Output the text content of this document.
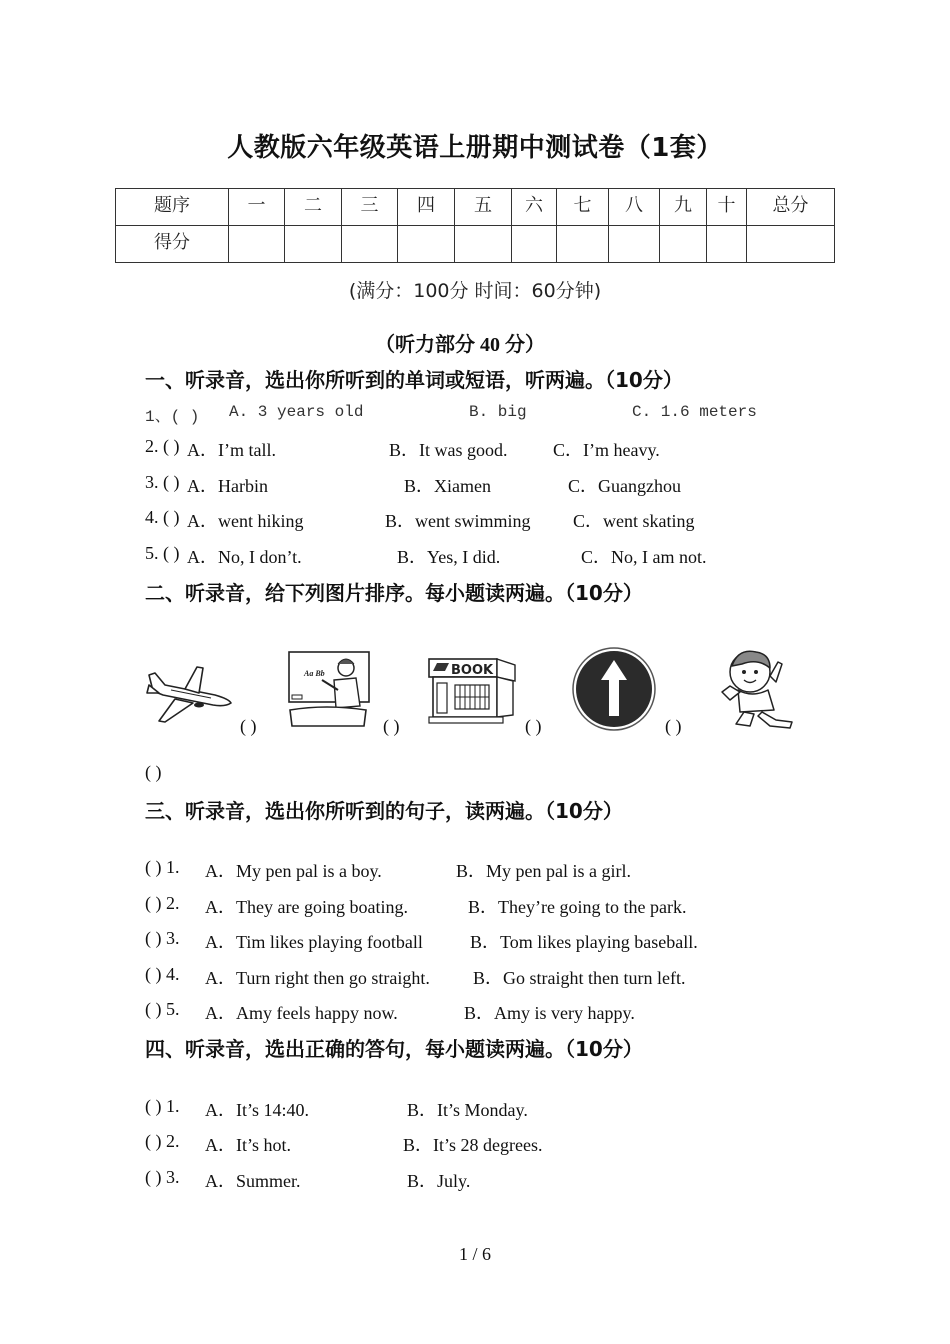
人教版六年级英语上册期中测试卷（1套）
题序	一	二	三	四	五	六	七	八	九	十	总分

得分											

(满分：100分 时间：60分钟)
（听力部分 40 分）
一、听录音，选出你所听到的单词或短语，听两遍。（10分）
1、( ) A. 3 years old	B. big	C. 1.6 meters
2. ( ) A．I’m tall.	B．It was good.	C．I’m heavy.
3. ( ) A．Harbin	B．Xiamen	C．Guangzhou
4. ( ) A．went hiking	B．went swimming C．went skating
5. ( ) A．No, I don’t.	B．Yes, I did.	C．No, I am not.
二、听录音，给下列图片排序。每小题读两遍。（10分）
( )
Aa Bb
( )
BOOK
( )	( )
( )
三、听录音，选出你所听到的句子，读两遍。（10分）
( ) 1. A．My pen pal is a boy.	B．My pen pal is a girl.
( ) 2. A．They are going boating.	B．They’re going to the park.
( ) 3. A．Tim likes playing football	B．Tom likes playing baseball.
( ) 4. A．Turn right then go straight. B．Go straight then turn left.
( ) 5. A．Amy feels happy now.	B．Amy is very happy.
四、听录音，选出正确的答句，每小题读两遍。（10分）
( ) 1. A．It’s 14:40.	B．It’s Monday.
( ) 2. A．It’s hot.	B．It’s 28 degrees.
( ) 3. A．Summer.	B．July.
1 / 6
